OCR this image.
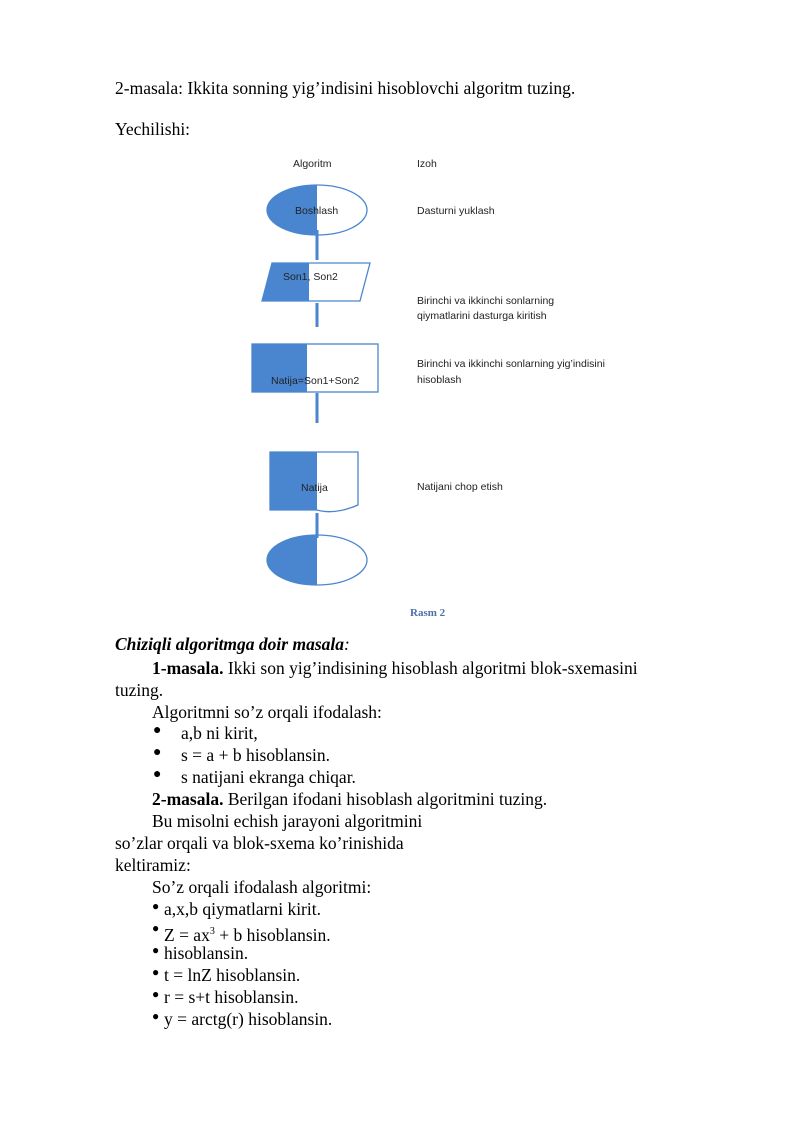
2-masala: Ikkita sonning yig’indisini hisoblovchi algoritm tuzing.
Yechilishi:
Algoritm	Izoh
Boshlash
Son1, Son2
Natija=Son1+Son2
Natija
Dasturni yuklash
Birinchi va ikkinchi sonlarning
qiymatlarini dasturga kiritish
Birinchi va ikkinchi sonlarning yig’indisini
hisoblash
Natijani chop etish
Rasm 2
Chiziqli algoritmga doir masala:
1-masala. Ikki son yig’indisining hisoblash algoritmi blok-sxemasini
tuzing.
Algoritmni so’z orqali ifodalash:
● a,b ni kirit,
● s = a + b hisoblansin.
● s natijani ekranga chiqar.
2-masala. Berilgan ifodani hisoblash algoritmini tuzing.
Bu misolni echish jarayoni algoritmini
so’zlar orqali va blok-sxema ko’rinishida
keltiramiz:
So’z orqali ifodalash algoritmi:
● a,x,b qiymatlarni kirit.
● $Z = ax^3 + b$ hisoblansin.
● hisoblansin.
● t = lnZ hisoblansin.
● r = s+t hisoblansin.
● y = arctg(r) hisoblansin.
